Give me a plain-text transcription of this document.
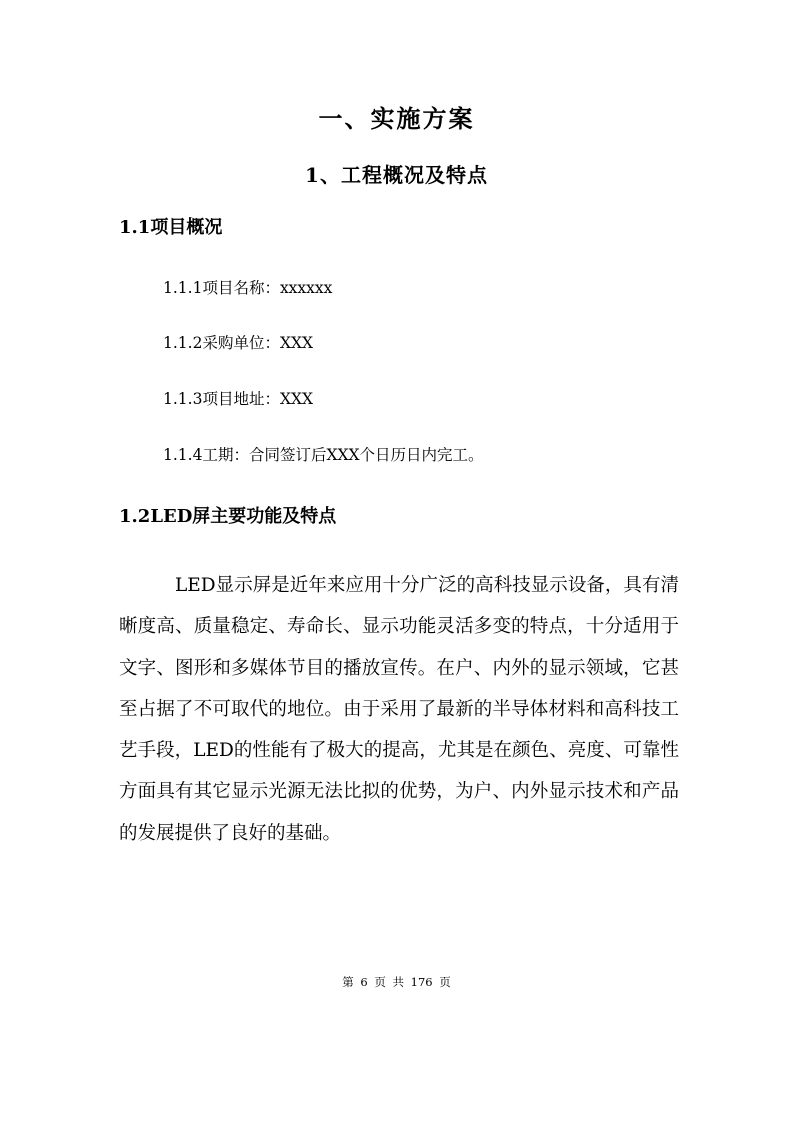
一、实施方案
1、工程概况及特点
1.1项目概况
1.1.1项目名称：xxxxxx
1.1.2采购单位：XXX
1.1.3项目地址：XXX
1.1.4工期：合同签订后XXX个日历日内完工。
1.2LED屏主要功能及特点
LED显示屏是近年来应用十分广泛的高科技显示设备，具有清晰度高、质量稳定、寿命长、显示功能灵活多变的特点，十分适用于文字、图形和多媒体节目的播放宣传。在户、内外的显示领域，它甚至占据了不可取代的地位。由于采用了最新的半导体材料和高科技工艺手段，LED的性能有了极大的提高，尤其是在颜色、亮度、可靠性方面具有其它显示光源无法比拟的优势，为户、内外显示技术和产品的发展提供了良好的基础。
第 6 页 共 176 页
